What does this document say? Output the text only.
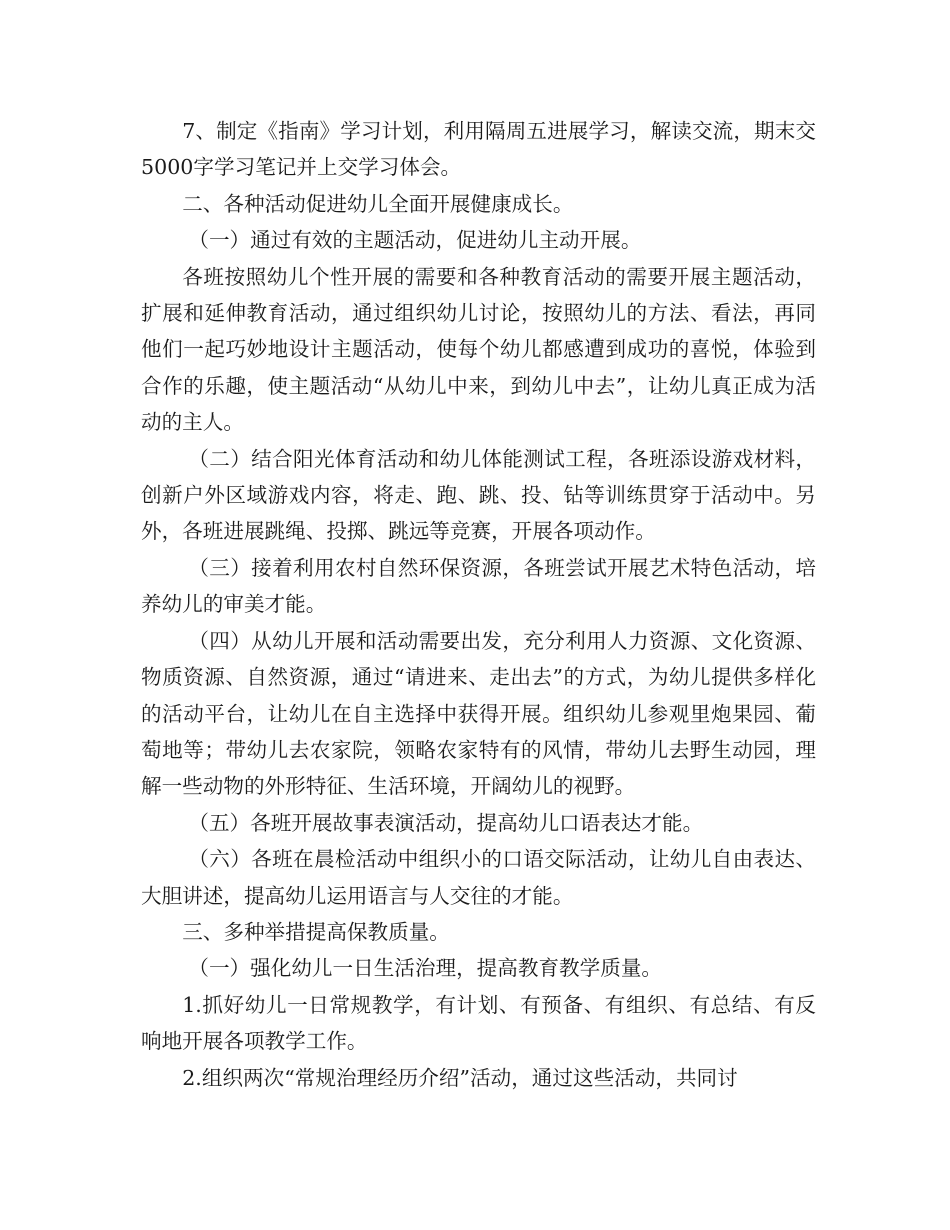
7、制定《指南》学习计划，利用隔周五进展学习，解读交流，期末交5000字学习笔记并上交学习体会。

二、各种活动促进幼儿全面开展健康成长。

（一）通过有效的主题活动，促进幼儿主动开展。

各班按照幼儿个性开展的需要和各种教育活动的需要开展主题活动，扩展和延伸教育活动，通过组织幼儿讨论，按照幼儿的方法、看法，再同他们一起巧妙地设计主题活动，使每个幼儿都感遭到成功的喜悦，体验到合作的乐趣，使主题活动“从幼儿中来，到幼儿中去”，让幼儿真正成为活动的主人。

（二）结合阳光体育活动和幼儿体能测试工程，各班添设游戏材料，创新户外区域游戏内容，将走、跑、跳、投、钻等训练贯穿于活动中。另外，各班进展跳绳、投掷、跳远等竞赛，开展各项动作。

（三）接着利用农村自然环保资源，各班尝试开展艺术特色活动，培养幼儿的审美才能。

（四）从幼儿开展和活动需要出发，充分利用人力资源、文化资源、物质资源、自然资源，通过“请进来、走出去”的方式，为幼儿提供多样化的活动平台，让幼儿在自主选择中获得开展。组织幼儿参观里炮果园、葡萄地等；带幼儿去农家院，领略农家特有的风情，带幼儿去野生动园，理解一些动物的外形特征、生活环境，开阔幼儿的视野。

（五）各班开展故事表演活动，提高幼儿口语表达才能。

（六）各班在晨检活动中组织小的口语交际活动，让幼儿自由表达、大胆讲述，提高幼儿运用语言与人交往的才能。

三、多种举措提高保教质量。

（一）强化幼儿一日生活治理，提高教育教学质量。

1.抓好幼儿一日常规教学，有计划、有预备、有组织、有总结、有反响地开展各项教学工作。

2.组织两次“常规治理经历介绍”活动，通过这些活动，共同讨
